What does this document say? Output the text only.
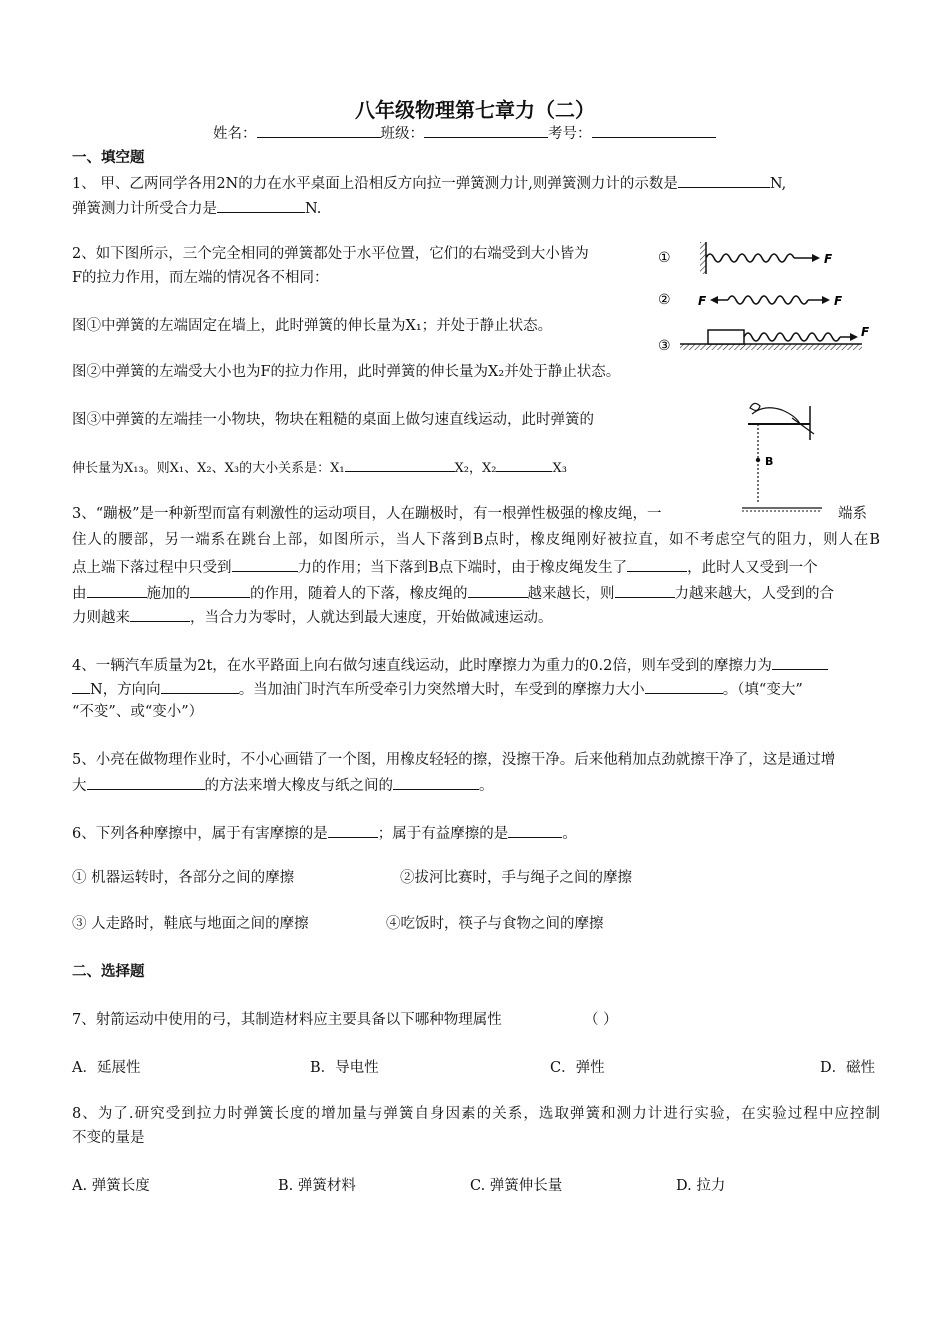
八年级物理第七章力（二）
姓名：	班级：	考号：
一、填空题
1、 甲、乙两同学各用2N的力在水平桌面上沿相反方向拉一弹簧测力计,则弹簧测力计的示数是	N,
弹簧测力计所受合力是	N.
2、如下图所示，三个完全相同的弹簧都处于水平位置，它们的右端受到大小皆为
F的拉力作用，而左端的情况各不相同：
图①中弹簧的左端固定在墙上，此时弹簧的伸长量为X₁；并处于静止状态。
图②中弹簧的左端受大小也为F的拉力作用，此时弹簧的伸长量为X₂并处于静止状态。
图③中弹簧的左端挂一小物块，物块在粗糙的桌面上做匀速直线运动，此时弹簧的
伸长量为X₁₃。则X₁、X₂、X₃的大小关系是：X₁	X₂，X₂	X₃
①	F
② F	F
③
F
B
3、“蹦极”是一种新型而富有刺激性的运动项目，人在蹦极时，有一根弹性极强的橡皮绳，一	端系
住人的腰部，另一端系在跳台上部，如图所示，当人下落到B点时，橡皮绳刚好被拉直，如不考虑空气的阻力，则人在B
点上端下落过程中只受到	力的作用；当下落到B点下端时，由于橡皮绳发生了	，此时人又受到一个
由	施加的	的作用，随着人的下落，橡皮绳的	越来越长，则	力越来越大，人受到的合
力则越来	，当合力为零时，人就达到最大速度，开始做减速运动。
4、一辆汽车质量为2t，在水平路面上向右做匀速直线运动，此时摩擦力为重力的0.2倍，则车受到的摩擦力为
N，方向向	。当加油门时汽车所受牵引力突然增大时，车受到的摩擦力大小	。（填“变大”
“不变”、或“变小”）
5、小亮在做物理作业时，不小心画错了一个图，用橡皮轻轻的擦，没擦干净。后来他稍加点劲就擦干净了，这是通过增
大	的方法来增大橡皮与纸之间的	。
6、下列各种摩擦中，属于有害摩擦的是	；属于有益摩擦的是	。
① 机器运转时，各部分之间的摩擦	②拔河比赛时，手与绳子之间的摩擦
③ 人走路时，鞋底与地面之间的摩擦	④吃饭时，筷子与食物之间的摩擦
二、选择题
7、射箭运动中使用的弓，其制造材料应主要具备以下哪种物理属性	（ ）
A．延展性	B．导电性	C．弹性	D．磁性
8、为了.研究受到拉力时弹簧长度的增加量与弹簧自身因素的关系，选取弹簧和测力计进行实验，在实验过程中应控制
不变的量是
A. 弹簧长度	B. 弹簧材料	C. 弹簧伸长量	D. 拉力
